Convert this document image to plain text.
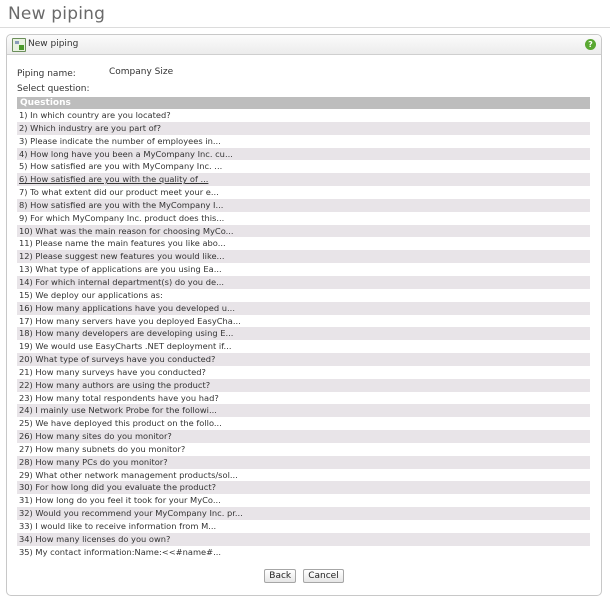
New piping
New piping	?
Piping name:	Company Size
Select question:
Questions
1) In which country are you located?
2) Which industry are you part of?
3) Please indicate the number of employees in...
4) How long have you been a MyCompany Inc. cu...
5) How satisfied are you with MyCompany Inc. ...
6) How satisfied are you with the quality of ...
7) To what extent did our product meet your e...
8) How satisfied are you with the MyCompany I...
9) For which MyCompany Inc. product does this...
10) What was the main reason for choosing MyCo...
11) Please name the main features you like abo...
12) Please suggest new features you would like...
13) What type of applications are you using Ea...
14) For which internal department(s) do you de...
15) We deploy our applications as:
16) How many applications have you developed u...
17) How many servers have you deployed EasyCha...
18) How many developers are developing using E...
19) We would use EasyCharts .NET deployment if...
20) What type of surveys have you conducted?
21) How many surveys have you conducted?
22) How many authors are using the product?
23) How many total respondents have you had?
24) I mainly use Network Probe for the followi...
25) We have deployed this product on the follo...
26) How many sites do you monitor?
27) How many subnets do you monitor?
28) How many PCs do you monitor?
29) What other network management products/sol...
30) For how long did you evaluate the product?
31) How long do you feel it took for your MyCo...
32) Would you recommend your MyCompany Inc. pr...
33) I would like to receive information from M...
34) How many licenses do you own?
35) My contact information:Name:<<#name#...
Back Cancel
